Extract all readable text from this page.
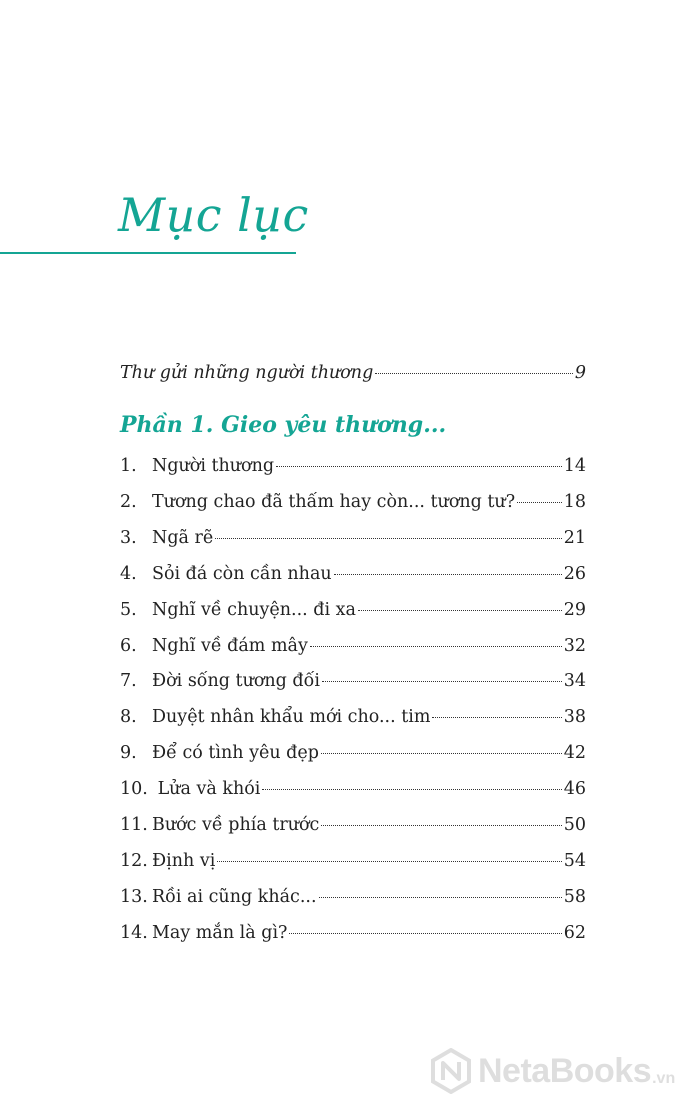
Mục lục
Thư gửi những người thương	9
Phần 1. Gieo yêu thương...
1. Người thương	14
2. Tương chao đã thấm hay còn... tương tư?	18
3. Ngã rẽ	21
4. Sỏi đá còn cần nhau	26
5. Nghĩ về chuyện... đi xa	29
6. Nghĩ về đám mây	32
7. Đời sống tương đối	34
8. Duyệt nhân khẩu mới cho... tim	38
9. Để có tình yêu đẹp	42
10. Lửa và khói	46
11. Bước về phía trước	50
12. Định vị	54
13. Rồi ai cũng khác...	58
14. May mắn là gì?	62
NetaBooks .vn
